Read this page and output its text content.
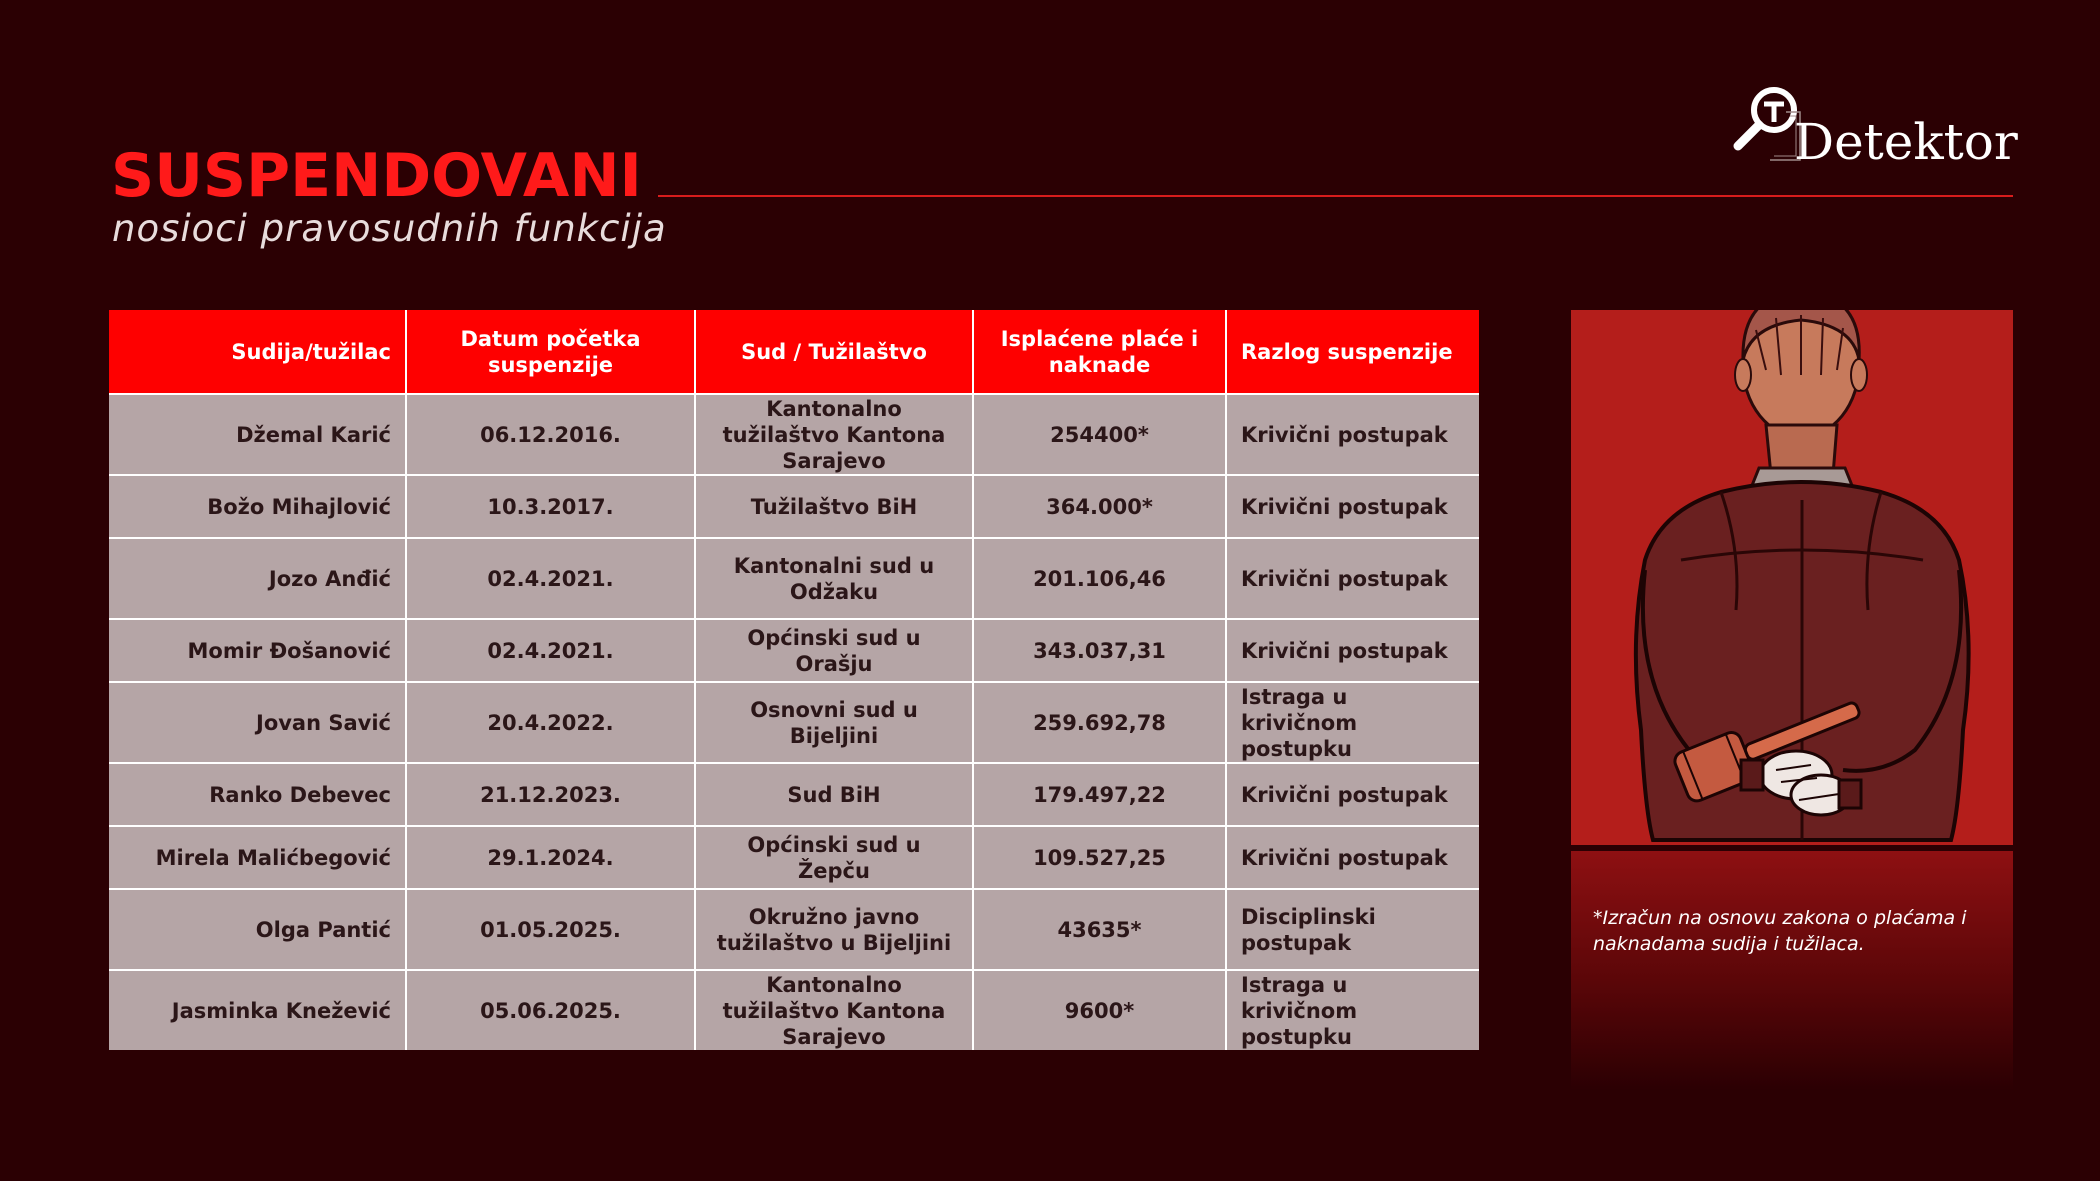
SUSPENDOVANI
nosioci pravosudnih funkcija
Detektor
Sudija/tužilac	Datum početka suspenzije	Sud / Tužilaštvo	Isplaćene plaće i naknade	Razlog suspenzije
Džemal Karić	06.12.2016.	Kantonalno tužilaštvo Kantona Sarajevo	254400*	Krivični postupak
Božo Mihajlović	10.3.2017.	Tužilaštvo BiH	364.000*	Krivični postupak
Jozo Anđić	02.4.2021.	Kantonalni sud u Odžaku	201.106,46	Krivični postupak
Momir Đošanović	02.4.2021.	Općinski sud u Orašju	343.037,31	Krivični postupak
Jovan Savić	20.4.2022.	Osnovni sud u Bijeljini	259.692,78	Istraga u krivičnom postupku
Ranko Debevec	21.12.2023.	Sud BiH	179.497,22	Krivični postupak
Mirela Malićbegović	29.1.2024.	Općinski sud u Žepču	109.527,25	Krivični postupak
Olga Pantić	01.05.2025.	Okružno javno tužilaštvo u Bijeljini	43635*	Disciplinski postupak
Jasminka Knežević	05.06.2025.	Kantonalno tužilaštvo Kantona Sarajevo	9600*	Istraga u krivičnom postupku

*Izračun na osnovu zakona o plaćama i naknadama sudija i tužilaca.
